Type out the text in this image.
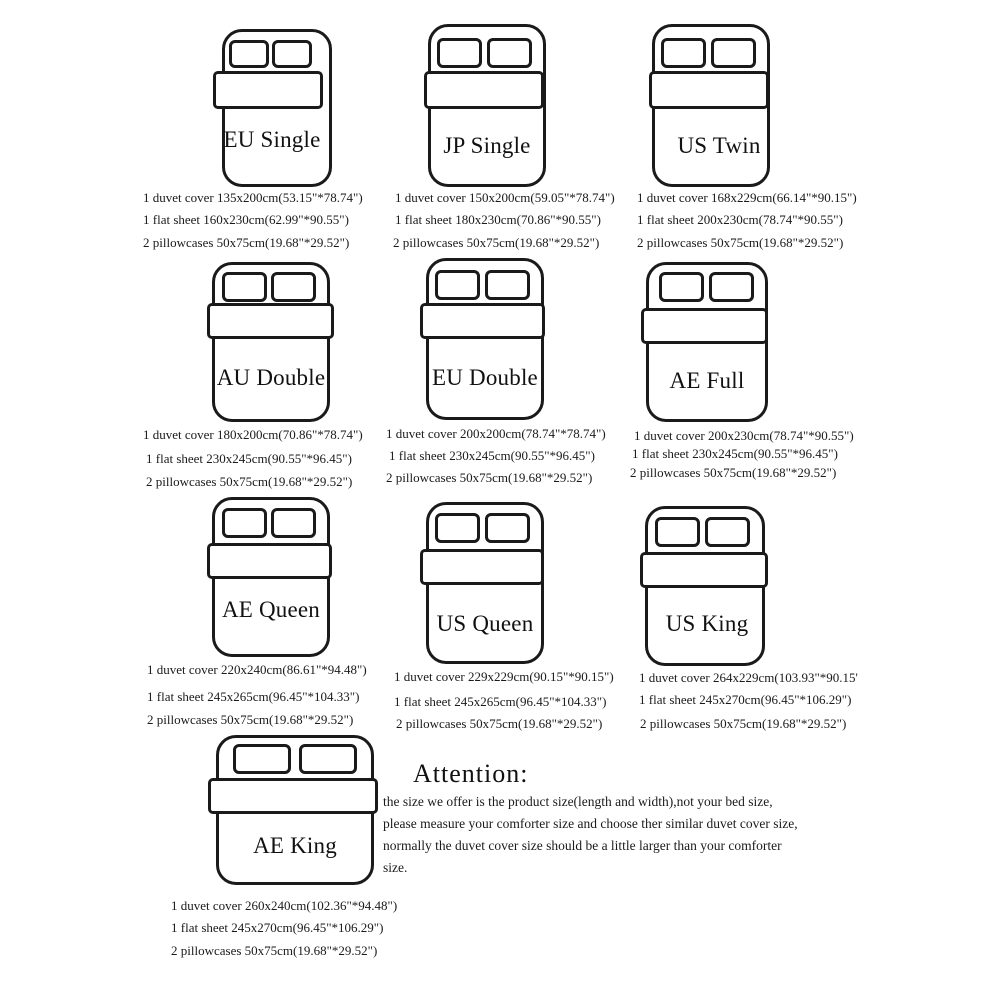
EU Single
1 duvet cover 135x200cm(53.15"*78.74")
1 flat sheet 160x230cm(62.99"*90.55")
2 pillowcases 50x75cm(19.68"*29.52")
JP Single
1 duvet cover 150x200cm(59.05"*78.74")
1 flat sheet 180x230cm(70.86"*90.55")
2 pillowcases 50x75cm(19.68"*29.52")
US Twin
1 duvet cover 168x229cm(66.14"*90.15")
1 flat sheet 200x230cm(78.74"*90.55")
2 pillowcases 50x75cm(19.68"*29.52")
AU Double
1 duvet cover 180x200cm(70.86"*78.74")
1 flat sheet 230x245cm(90.55"*96.45")
2 pillowcases 50x75cm(19.68"*29.52")
EU Double
1 duvet cover 200x200cm(78.74"*78.74")
1 flat sheet 230x245cm(90.55"*96.45")
2 pillowcases 50x75cm(19.68"*29.52")
AE Full
1 duvet cover 200x230cm(78.74"*90.55")
1 flat sheet 230x245cm(90.55"*96.45")
2 pillowcases 50x75cm(19.68"*29.52")
AE Queen
1 duvet cover 220x240cm(86.61"*94.48")
1 flat sheet 245x265cm(96.45"*104.33")
2 pillowcases 50x75cm(19.68"*29.52")
US Queen
1 duvet cover 229x229cm(90.15"*90.15")
1 flat sheet 245x265cm(96.45"*104.33")
2 pillowcases 50x75cm(19.68"*29.52")
US King
1 duvet cover 264x229cm(103.93"*90.15'
1 flat sheet 245x270cm(96.45"*106.29")
2 pillowcases 50x75cm(19.68"*29.52")
AE King
1 duvet cover 260x240cm(102.36"*94.48")
1 flat sheet 245x270cm(96.45"*106.29")
2 pillowcases 50x75cm(19.68"*29.52")
Attention:

the size we offer is the product size(length and width),not your bed size,

please measure your comforter size and choose ther similar duvet cover size,

normally the duvet cover size should be a little larger than your comforter

size.
